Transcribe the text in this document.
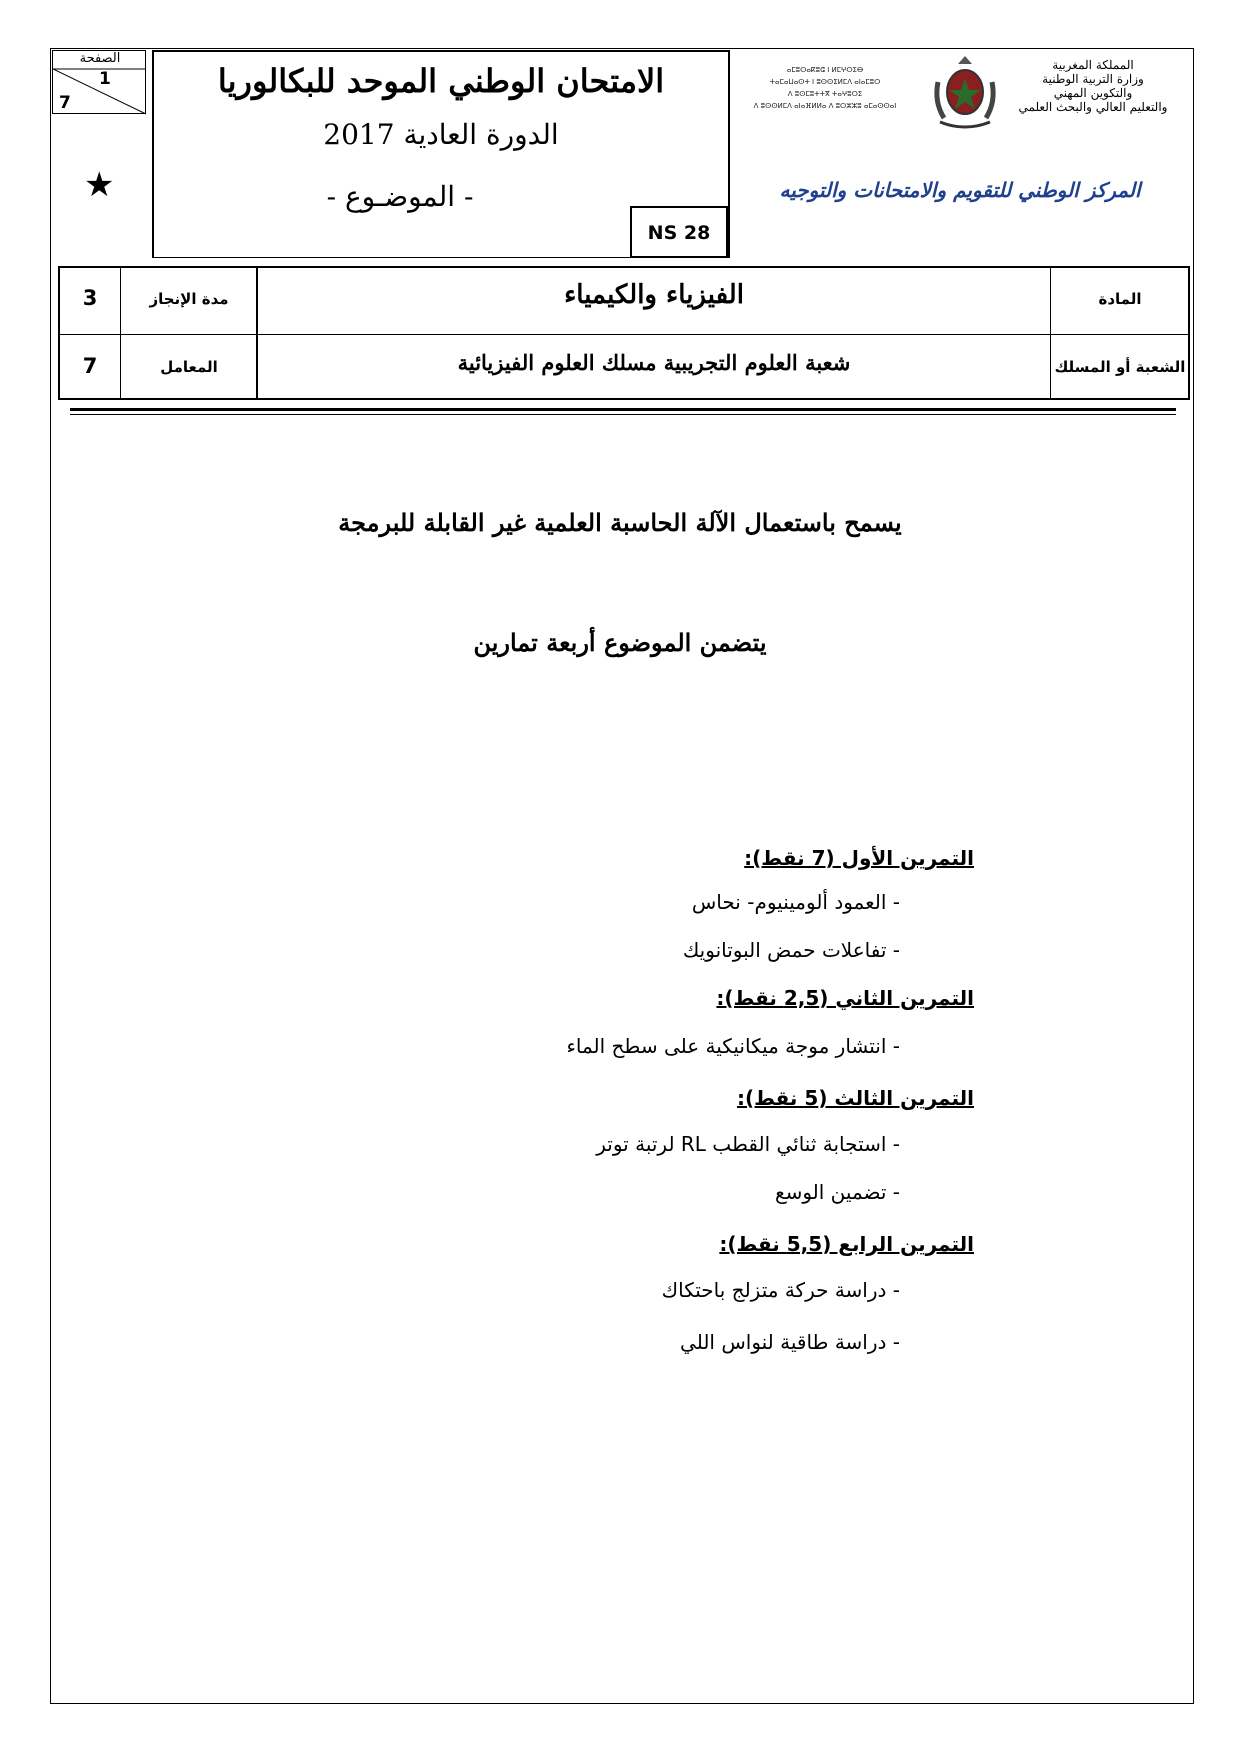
الصفحة
1
7
★
الامتحان الوطني الموحد للبكالوريا
الدورة العادية 2017
- الموضـوع -
NS 28
ⴰⵎⵓⵔⴰⴽⵓⵛ ⵏ ⵍⵎⵖⵔⵉⴱ
ⵜⴰⵎⴰⵡⴰⵙⵜ ⵏ ⵓⵙⵙⵉⵍⵎⴷ ⴰⵏⴰⵎⵓⵔ
ⴷ ⵓⵙⵎⵓⵜⵜⴳ ⵜⴰⵖⵓⵔⵉ
ⴷ ⵓⵙⵙⵍⵎⴷ ⴰⵏⴰⴼⵍⵍⴰ ⴷ ⵓⵔⵣⵣⵓ ⴰⵎⴰⵙⵙⴰⵏ
المملكة المغربية
وزارة التربية الوطنية
والتكوين المهني
والتعليم العالي والبحث العلمي
المركز الوطني للتقويم والامتحانات والتوجيه
3	مدة الإنجاز	الفيزياء والكيمياء	المادة
7	المعامل	شعبة العلوم التجريبية مسلك العلوم الفيزيائية	الشعبة أو المسلك
يسمح باستعمال الآلة الحاسبة العلمية غير القابلة للبرمجة
يتضمن الموضوع أربعة تمارين
التمرين الأول (7 نقط):
- العمود ألومينيوم- نحاس
- تفاعلات حمض البوتانويك
التمرين الثاني (2,5 نقط):
- انتشار موجة ميكانيكية على سطح الماء
التمرين الثالث (5 نقط):
- استجابة ثنائي القطب RL لرتبة توتر
- تضمين الوسع
التمرين الرابع (5,5 نقط):
- دراسة حركة متزلج باحتكاك
- دراسة طاقية لنواس اللي
